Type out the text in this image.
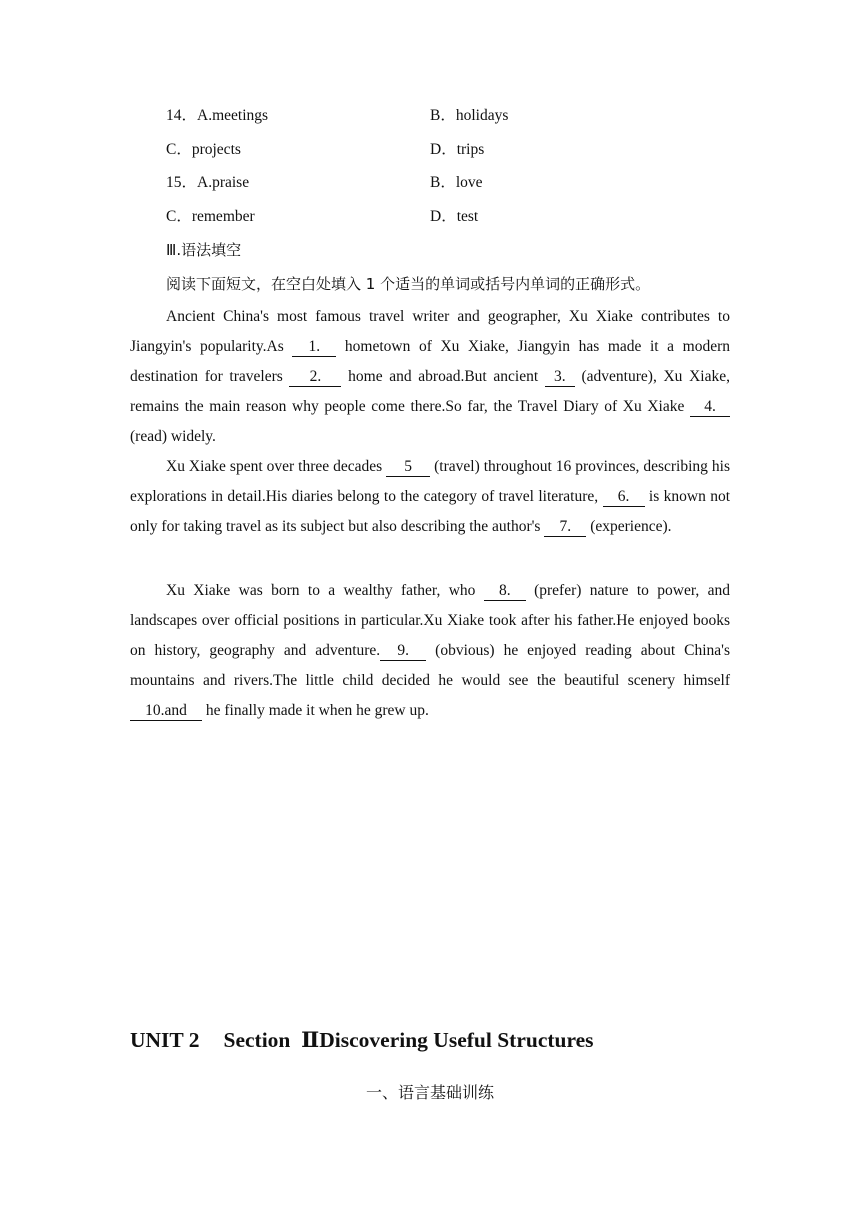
14．A.meetings	B．holidays
C．projects	D．trips
15．A.praise	B．love
C．remember	D．test
Ⅲ.语法填空
阅读下面短文，在空白处填入 1 个适当的单词或括号内单词的正确形式。

Ancient China's most famous travel writer and geographer, Xu Xiake contributes to Jiangyin's popularity.As 1. hometown of Xu Xiake, Jiangyin has made it a modern destination for travelers 2. home and abroad.But ancient 3. (adventure), Xu Xiake, remains the main reason why people come there.So far, the Travel Diary of Xu Xiake 4. (read) widely.

Xu Xiake spent over three decades 5 (travel) throughout 16 provinces, describing his explorations in detail.His diaries belong to the category of travel literature, 6. is known not only for taking travel as its subject but also describing the author's 7. (experience).

Xu Xiake was born to a wealthy father, who 8. (prefer) nature to power, and landscapes over official positions in particular.Xu Xiake took after his father.He enjoyed books on history, geography and adventure. 9. (obvious) he enjoyed reading about China's mountains and rivers.The little child decided he would see the beautiful scenery himself 10.and he finally made it when he grew up.

UNIT 2 Section ⅡDiscovering Useful Structures
一、语言基础训练
